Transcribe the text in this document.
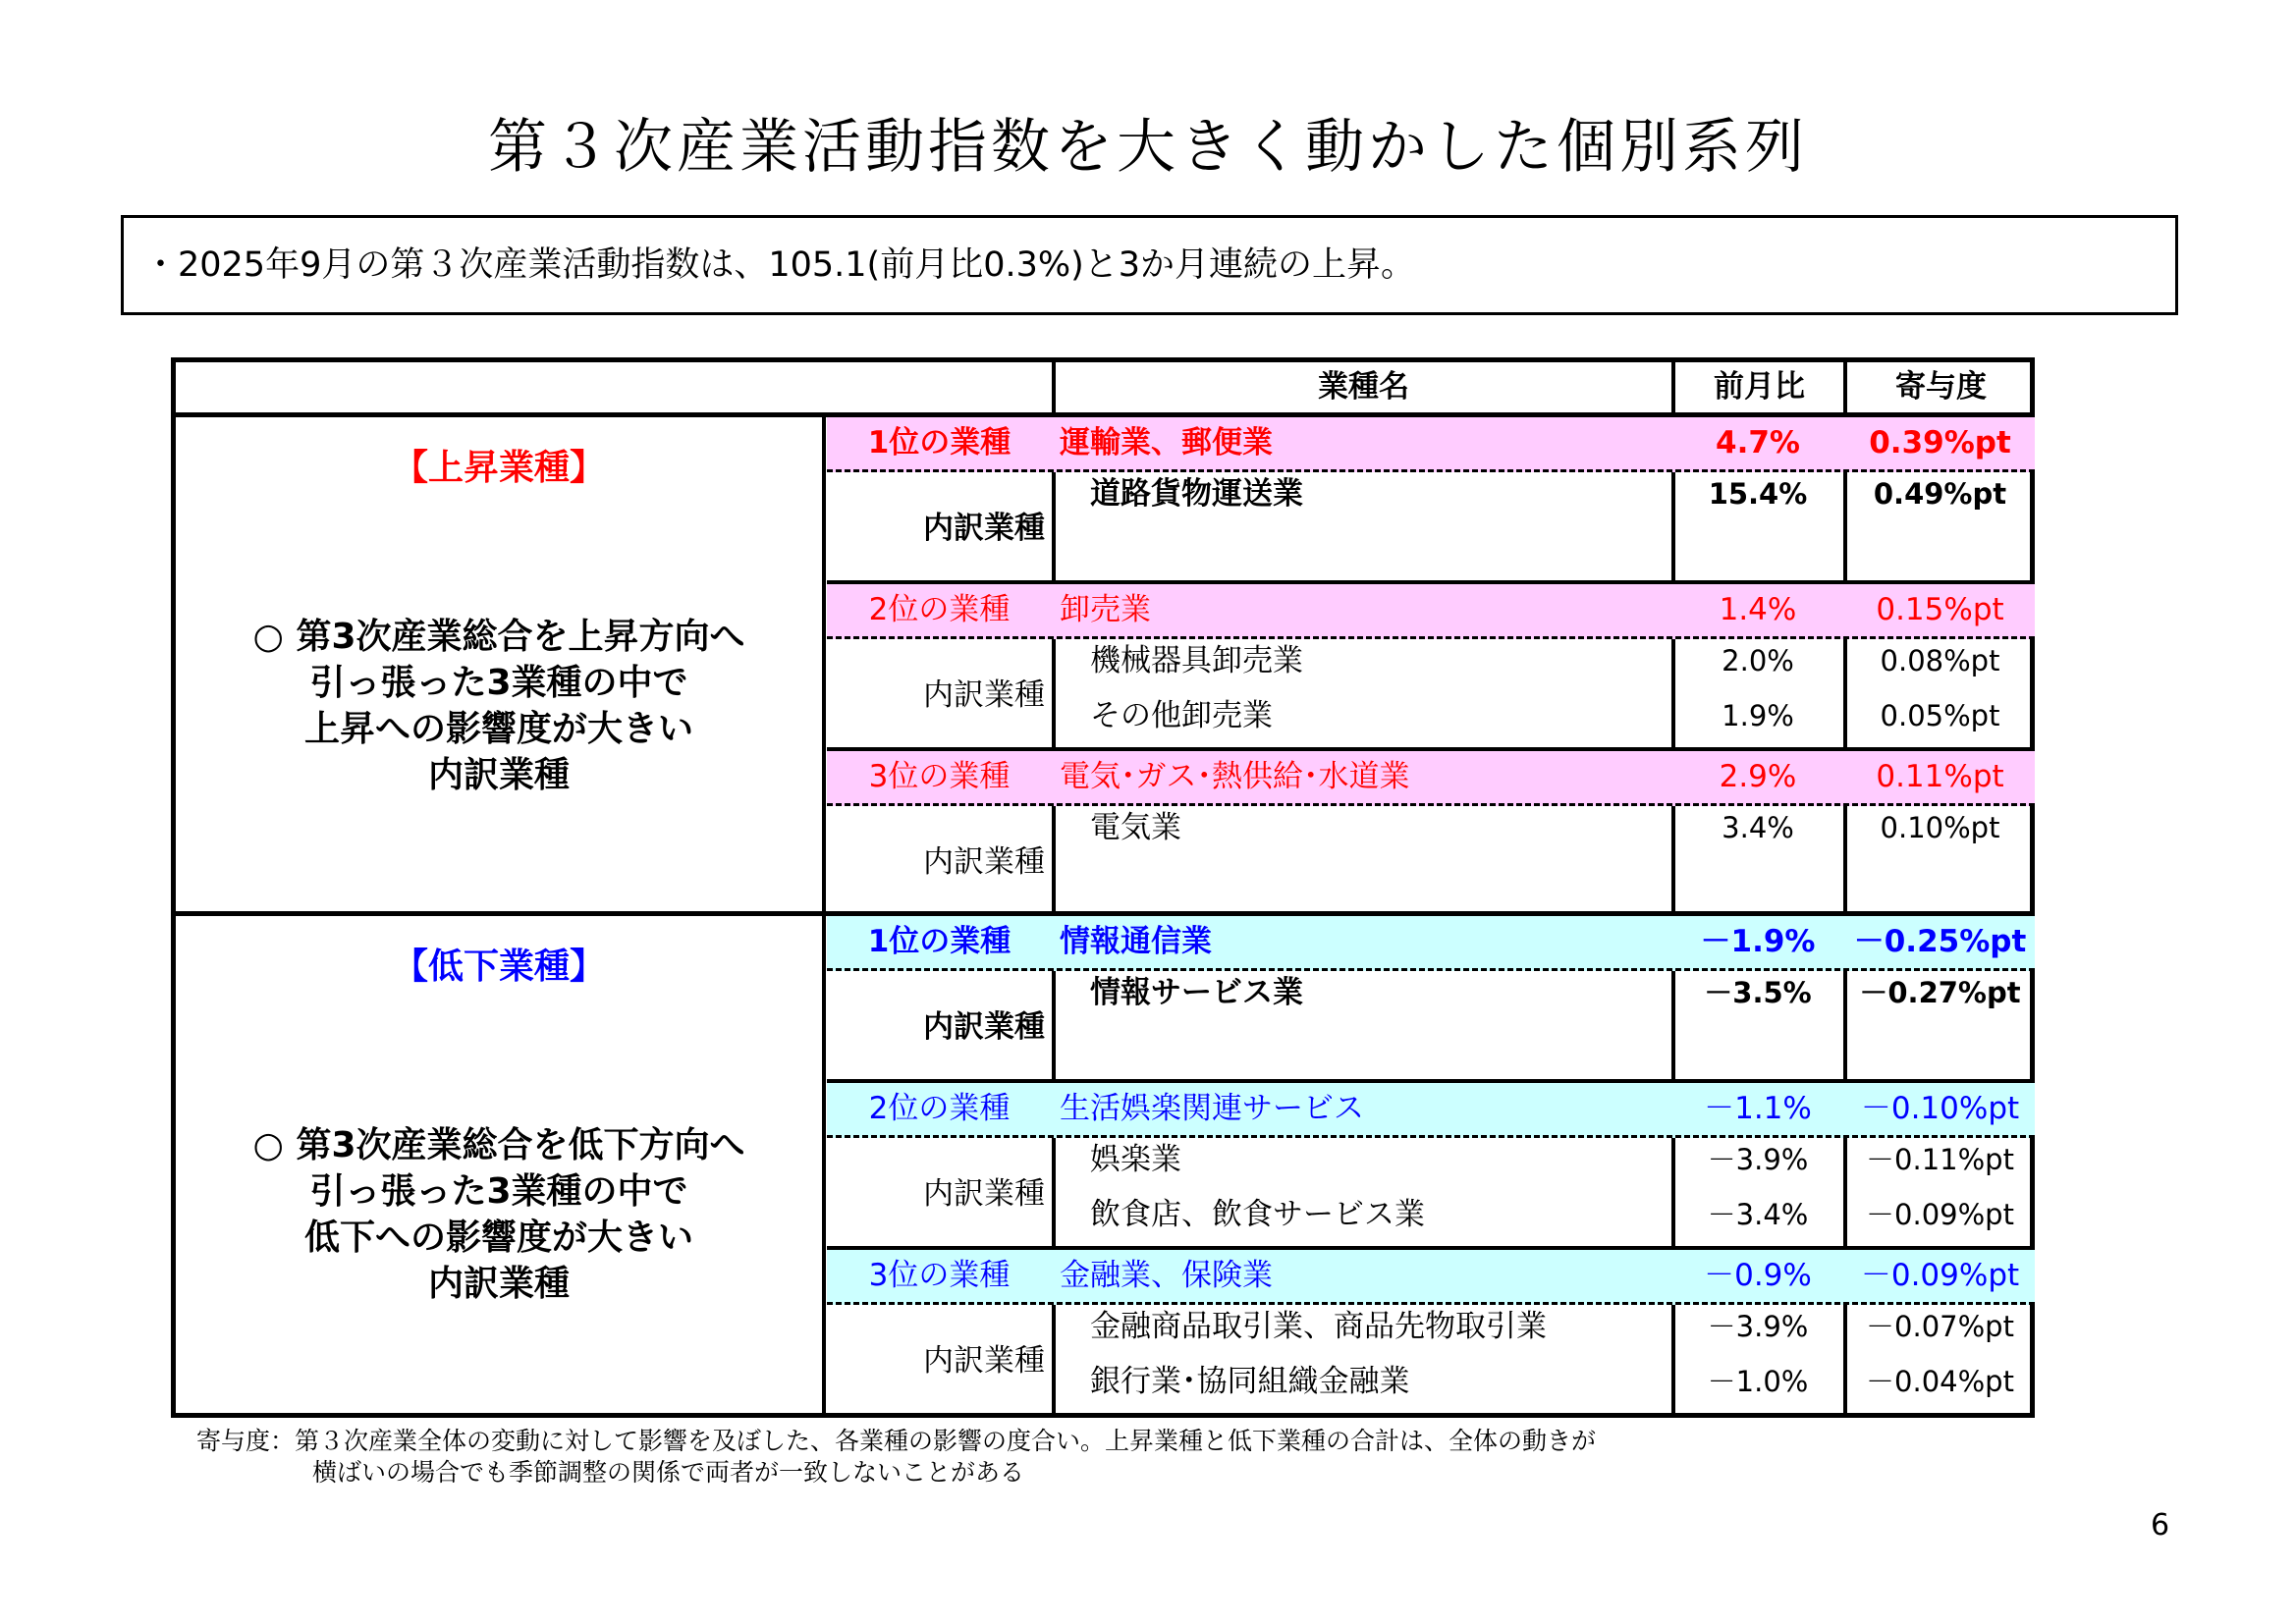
第３次産業活動指数を大きく動かした個別系列
・2025年9月の第３次産業活動指数は、105.1(前月比0.3%)と3か月連続の上昇。
業種名	前月比	寄与度
【上昇業種】
○ 第3次産業総合を上昇方向へ
引っ張った3業種の中で
上昇への影響度が大きい
内訳業種
1位の業種	運輸業、郵便業	4.7%	0.39%pt
内訳業種
道路貨物運送業	15.4%	0.49%pt
2位の業種	卸売業	1.4%	0.15%pt
内訳業種
機械器具卸売業	2.0%	0.08%pt
その他卸売業	1.9%	0.05%pt
3位の業種	電気･ガス･熱供給･水道業	2.9%	0.11%pt
内訳業種
電気業	3.4%	0.10%pt
【低下業種】
○ 第3次産業総合を低下方向へ
引っ張った3業種の中で
低下への影響度が大きい
内訳業種
1位の業種	情報通信業	－1.9%	－0.25%pt
内訳業種
情報サービス業	－3.5%	－0.27%pt
2位の業種	生活娯楽関連サービス	－1.1%	－0.10%pt
内訳業種
娯楽業	－3.9%	－0.11%pt
飲食店、飲食サービス業	－3.4%	－0.09%pt
3位の業種	金融業、保険業	－0.9%	－0.09%pt
内訳業種
金融商品取引業、商品先物取引業	－3.9%	－0.07%pt
銀行業･協同組織金融業	－1.0%	－0.04%pt
寄与度：第３次産業全体の変動に対して影響を及ぼした、各業種の影響の度合い。上昇業種と低下業種の合計は、全体の動きが
横ばいの場合でも季節調整の関係で両者が一致しないことがある
6
